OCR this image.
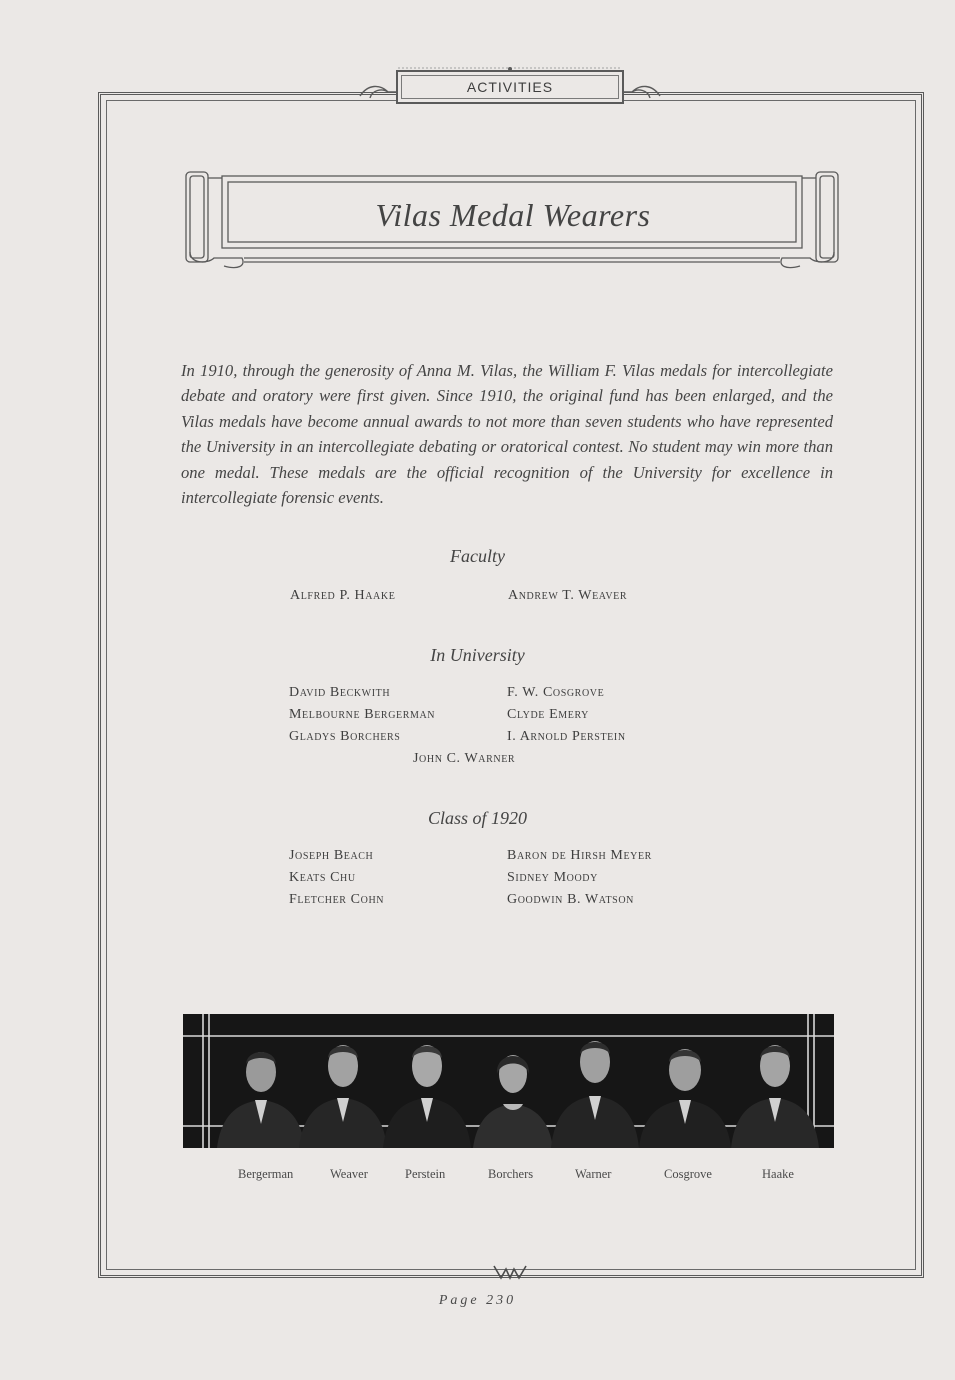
ACTIVITIES
Vilas Medal Wearers
In 1910, through the generosity of Anna M. Vilas, the William F. Vilas medals for intercollegiate debate and oratory were first given. Since 1910, the original fund has been enlarged, and the Vilas medals have become annual awards to not more than seven students who have represented the University in an intercollegiate debating or oratorical contest. No student may win more than one medal. These medals are the official recognition of the University for excellence in intercollegiate forensic events.
Faculty
Alfred P. Haake	Andrew T. Weaver
In University
David Beckwith	F. W. Cosgrove
Melbourne Bergerman	Clyde Emery
Gladys Borchers	I. Arnold Perstein
John C. Warner
Class of 1920
Joseph Beach	Baron de Hirsh Meyer
Keats Chu	Sidney Moody
Fletcher Cohn	Goodwin B. Watson
Bergerman	Weaver	Perstein	Borchers	Warner	Cosgrove	Haake
Page 230
